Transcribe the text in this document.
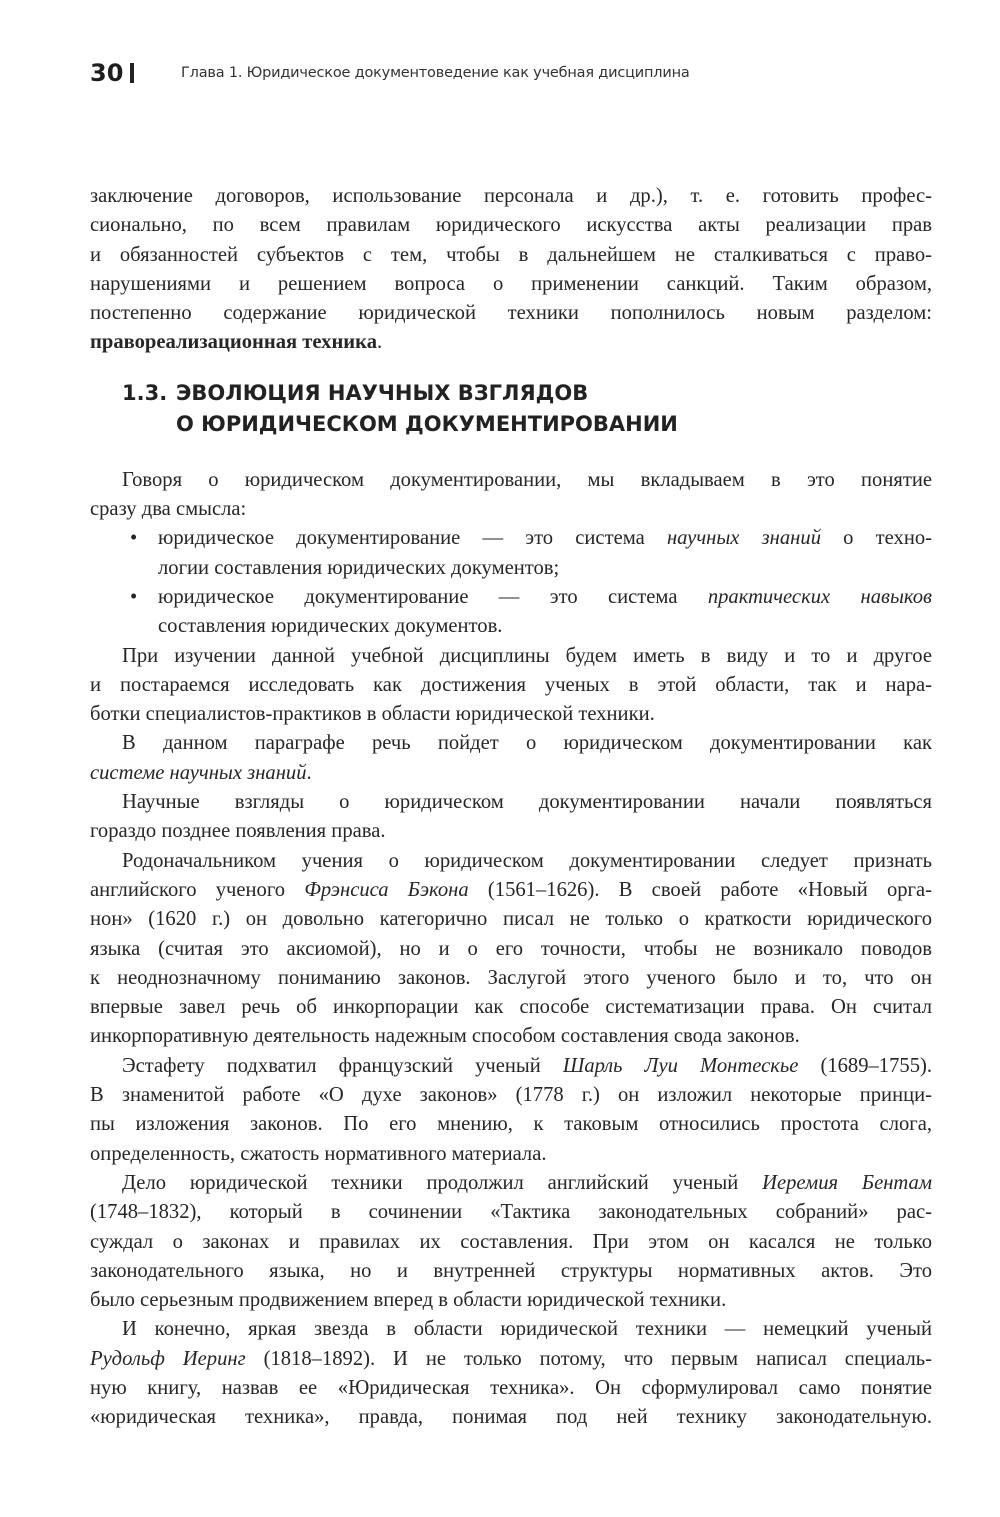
30	Глава 1. Юридическое документоведение как учебная дисциплина
заключение договоров, использование персонала и др.), т. е. готовить профес-
сионально, по всем правилам юридического искусства акты реализации прав
и обязанностей субъектов с тем, чтобы в дальнейшем не сталкиваться с право-
нарушениями и решением вопроса о применении санкций. Таким образом,
постепенно содержание юридической техники пополнилось новым разделом:
правореализационная техника.
1.3. ЭВОЛЮЦИЯ НАУЧНЫХ ВЗГЛЯДОВ
О ЮРИДИЧЕСКОМ ДОКУМЕНТИРОВАНИИ
Говоря о юридическом документировании, мы вкладываем в это понятие
сразу два смысла:
• юридическое документирование — это система научных знаний о техно-
логии составления юридических документов;
• юридическое документирование — это система практических навыков
составления юридических документов.
При изучении данной учебной дисциплины будем иметь в виду и то и другое
и постараемся исследовать как достижения ученых в этой области, так и нара-
ботки специалистов-практиков в области юридической техники.
В данном параграфе речь пойдет о юридическом документировании как
системе научных знаний.
Научные взгляды о юридическом документировании начали появляться
гораздо позднее появления права.
Родоначальником учения о юридическом документировании следует признать
английского ученого Фрэнсиса Бэкона (1561–1626). В своей работе «Новый орга-
нон» (1620 г.) он довольно категорично писал не только о краткости юридического
языка (считая это аксиомой), но и о его точности, чтобы не возникало поводов
к неоднозначному пониманию законов. Заслугой этого ученого было и то, что он
впервые завел речь об инкорпорации как способе систематизации права. Он считал
инкорпоративную деятельность надежным способом составления свода законов.
Эстафету подхватил французский ученый Шарль Луи Монтескье (1689–1755).
В знаменитой работе «О духе законов» (1778 г.) он изложил некоторые принци-
пы изложения законов. По его мнению, к таковым относились простота слога,
определенность, сжатость нормативного материала.
Дело юридической техники продолжил английский ученый Иеремия Бентам
(1748–1832), который в сочинении «Тактика законодательных собраний» рас-
суждал о законах и правилах их составления. При этом он касался не только
законодательного языка, но и внутренней структуры нормативных актов. Это
было серьезным продвижением вперед в области юридической техники.
И конечно, яркая звезда в области юридической техники — немецкий ученый
Рудольф Иеринг (1818–1892). И не только потому, что первым написал специаль-
ную книгу, назвав ее «Юридическая техника». Он сформулировал само понятие
«юридическая техника», правда, понимая под ней технику законодательную.
